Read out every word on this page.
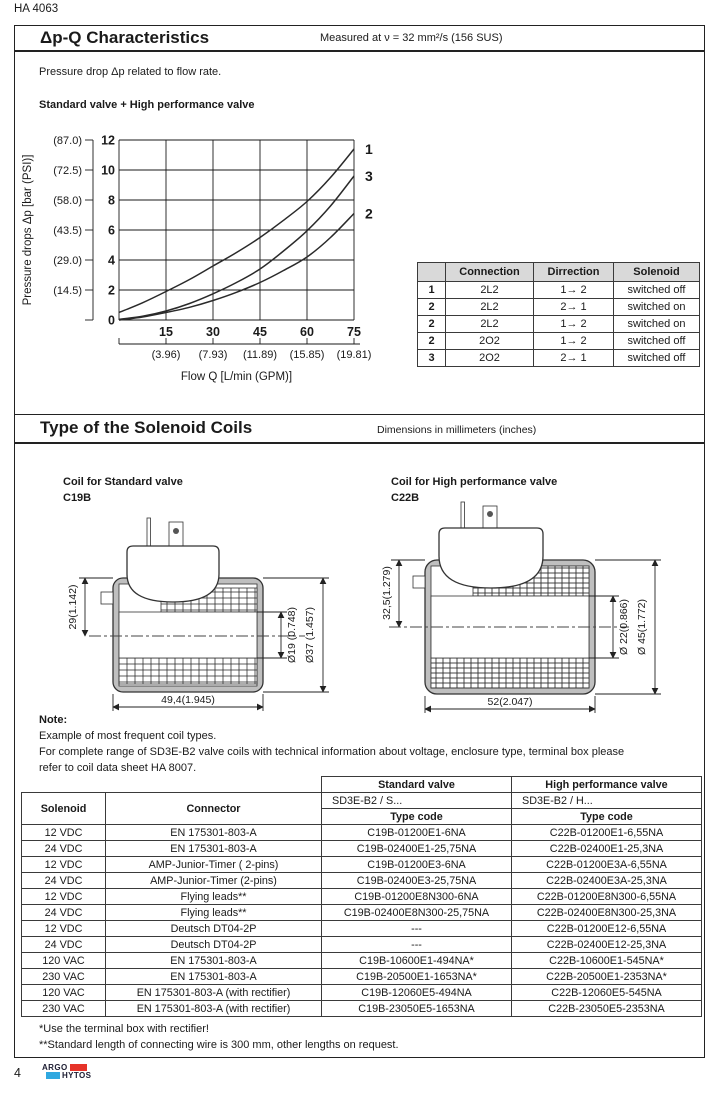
HA 4063
Δp-Q Characteristics	Measured at ν = 32 mm²/s (156 SUS)
Pressure drop Δp related to flow rate.
Standard valve + High performance valve
0
2
(14.5)
4
(29.0)
6
(43.5)
8
(58.0)
10
(72.5)
12
(87.0)
15
(3.96)
30
(7.93)
45
(11.89)
60
(15.85)
75
(19.81)
Flow Q [L/min (GPM)]
Pressure drops Δp [bar (PSI)]
1
3
2
	Connection	Dirrection	Solenoid
1	2L2	1→ 2	switched off
2	2L2	2→ 1	switched on
2	2L2	1→ 2	switched on
2	2O2	1→ 2	switched off
3	2O2	2→ 1	switched off
Type of the Solenoid Coils	Dimensions in millimeters (inches)
Coil for Standard valve
C19B
Coil for High performance valve
C22B
29(1.142)	Ø19 (0.748) Ø37 (1.457)
49,4(1.945)
32,5(1.279)
Ø 22(0.866) Ø 45(1.772)
52(2.047)
Note:
Example of most frequent coil types.
For complete range of SD3E-B2 valve coils with technical information about voltage, enclosure type, terminal box please
refer to coil data sheet HA 8007.
		Standard valve	High performance valve
Solenoid	Connector	SD3E-B2 / S...	SD3E-B2 / H...
		Type code	Type code
12 VDC	EN 175301-803-A	C19B-01200E1-6NA	C22B-01200E1-6,55NA
24 VDC	EN 175301-803-A	C19B-02400E1-25,75NA	C22B-02400E1-25,3NA
12 VDC	AMP-Junior-Timer ( 2-pins)	C19B-01200E3-6NA	C22B-01200E3A-6,55NA
24 VDC	AMP-Junior-Timer (2-pins)	C19B-02400E3-25,75NA	C22B-02400E3A-25,3NA
12 VDC	Flying leads**	C19B-01200E8N300-6NA	C22B-01200E8N300-6,55NA
24 VDC	Flying leads**	C19B-02400E8N300-25,75NA	C22B-02400E8N300-25,3NA
12 VDC	Deutsch DT04-2P	---	C22B-01200E12-6,55NA
24 VDC	Deutsch DT04-2P	---	C22B-02400E12-25,3NA
120 VAC	EN 175301-803-A	C19B-10600E1-494NA*	C22B-10600E1-545NA*
230 VAC	EN 175301-803-A	C19B-20500E1-1653NA*	C22B-20500E1-2353NA*
120 VAC	EN 175301-803-A (with rectifier)	C19B-12060E5-494NA	C22B-12060E5-545NA
230 VAC	EN 175301-803-A (with rectifier)	C19B-23050E5-1653NA	C22B-23050E5-2353NA
*Use the terminal box with rectifier!
**Standard length of connecting wire is 300 mm, other lengths on request.
4	ARGO
HYTOS
